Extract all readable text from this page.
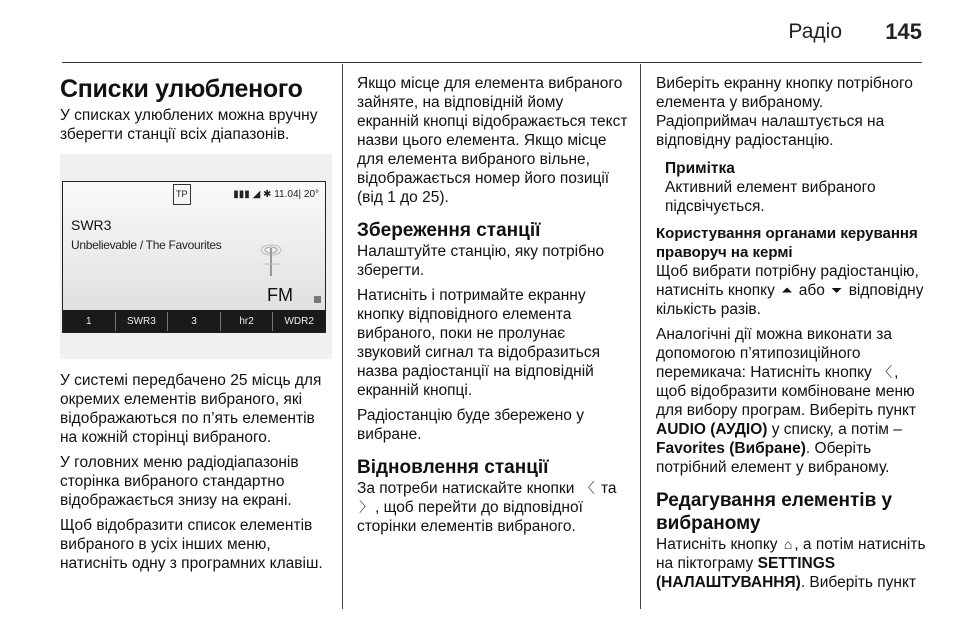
Радіо 145
Списки улюбленого

У списках улюблених можна вручну зберегти станції всіх діапазонів.

TP	▮▮▮ ◢ ✱ 11.04| 20°
SWR3
Unbelievable / The Favourites
FM
1	SWR3	3	hr2	WDR2

У системі передбачено 25 місць для окремих елементів вибраного, які відображаються по п’ять елементів на кожній сторінці вибраного.

У головних меню радіодіапазонів сторінка вибраного стандартно відображається знизу на екрані.

Щоб відобразити список елементів вибраного в усіх інших меню, натисніть одну з програмних клавіш.

Якщо місце для елемента вибраного зайняте, на відповідній йому екранній кнопці відображається текст назви цього елемента. Якщо місце для елемента вибраного вільне, відображається номер його позиції (від 1 до 25).

Збереження станції

Налаштуйте станцію, яку потрібно зберегти.

Натисніть і потримайте екранну кнопку відповідного елемента вибраного, поки не пролунає звуковий сигнал та відобразиться назва радіостанції на відповідній екранній кнопці.

Радіостанцію буде збережено у вибране.

Відновлення станції

За потреби натискайте кнопки 〈 та 〉 , щоб перейти до відповідної сторінки елементів вибраного.

Виберіть екранну кнопку потрібного елемента у вибраному.

Радіоприймач налаштується на відповідну радіостанцію.

Примітка
Активний елемент вибраного підсвічується.
Користування органами керування праворуч на кермі

Щоб вибрати потрібну радіостанцію, натисніть кнопку ⏶ або ⏷ відповідну кількість разів.

Аналогічні дії можна виконати за допомогою п’ятипозиційного перемикача: Натисніть кнопку 〈 , щоб відобразити комбіноване меню для вибору програм. Виберіть пункт AUDIO (АУДІО) у списку, а потім – Favorites (Вибране). Оберіть потрібний елемент у вибраному.

Редагування елементів у вибраному

Натисніть кнопку ⌂ , а потім натисніть на піктограму SETTINGS (НАЛАШТУВАННЯ). Виберіть пункт
